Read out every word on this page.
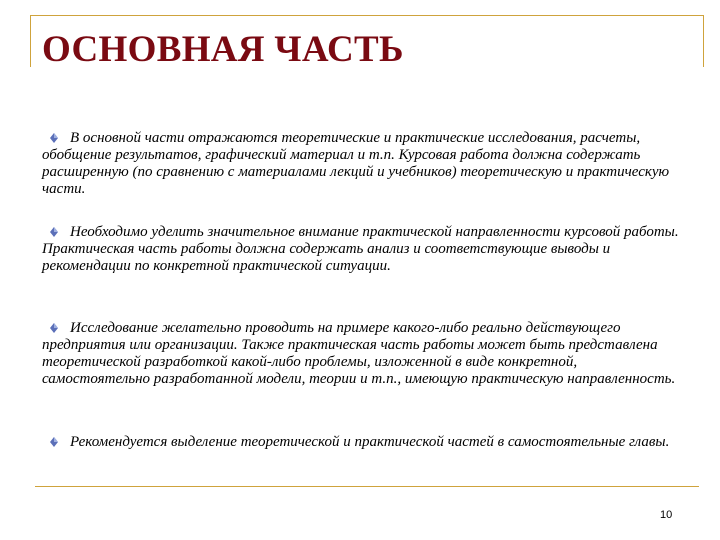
ОСНОВНАЯ ЧАСТЬ

В основной части отражаются теоретические и практические исследования, расчеты, обобщение результатов, графический материал и т.п. Курсовая работа должна содержать расширенную (по сравнению с материалами лекций и учебников) теоретическую и практическую части.

Необходимо уделить значительное внимание практической направленности курсовой работы. Практическая часть работы должна содержать анализ и соответствующие выводы и рекомендации по конкретной практической ситуации.

Исследование желательно проводить на примере какого-либо реально действующего предприятия или организации. Также практическая часть работы может быть представлена теоретической разработкой какой-либо проблемы, изложенной в виде конкретной, самостоятельно разработанной модели, теории и т.п., имеющую практическую направленность.

Рекомендуется выделение теоретической и практической частей в самостоятельные главы.

10
